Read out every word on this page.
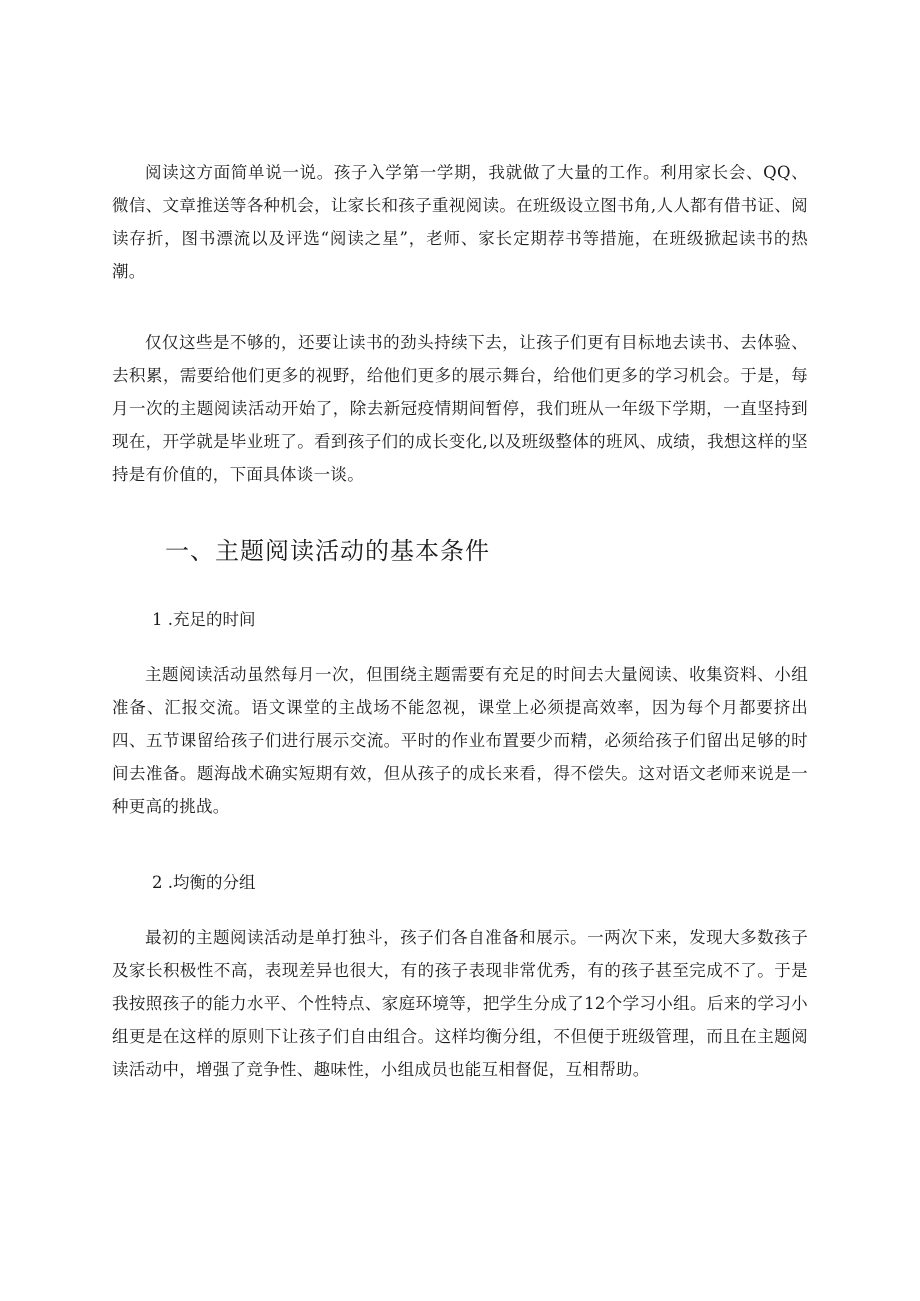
阅读这方面简单说一说。孩子入学第一学期，我就做了大量的工作。利用家长会、QQ、微信、文章推送等各种机会，让家长和孩子重视阅读。在班级设立图书角,人人都有借书证、阅读存折，图书漂流以及评选“阅读之星”，老师、家长定期荐书等措施，在班级掀起读书的热潮。

仅仅这些是不够的，还要让读书的劲头持续下去，让孩子们更有目标地去读书、去体验、去积累，需要给他们更多的视野，给他们更多的展示舞台，给他们更多的学习机会。于是，每月一次的主题阅读活动开始了，除去新冠疫情期间暂停，我们班从一年级下学期，一直坚持到现在，开学就是毕业班了。看到孩子们的成长变化,以及班级整体的班风、成绩，我想这样的坚持是有价值的，下面具体谈一谈。

一、主题阅读活动的基本条件
1 .充足的时间

主题阅读活动虽然每月一次，但围绕主题需要有充足的时间去大量阅读、收集资料、小组准备、汇报交流。语文课堂的主战场不能忽视，课堂上必须提高效率，因为每个月都要挤出四、五节课留给孩子们进行展示交流。平时的作业布置要少而精，必须给孩子们留出足够的时间去准备。题海战术确实短期有效，但从孩子的成长来看，得不偿失。这对语文老师来说是一种更高的挑战。

2 .均衡的分组

最初的主题阅读活动是单打独斗，孩子们各自准备和展示。一两次下来，发现大多数孩子及家长积极性不高，表现差异也很大，有的孩子表现非常优秀，有的孩子甚至完成不了。于是我按照孩子的能力水平、个性特点、家庭环境等，把学生分成了12个学习小组。后来的学习小组更是在这样的原则下让孩子们自由组合。这样均衡分组，不但便于班级管理，而且在主题阅读活动中，增强了竞争性、趣味性，小组成员也能互相督促，互相帮助。
